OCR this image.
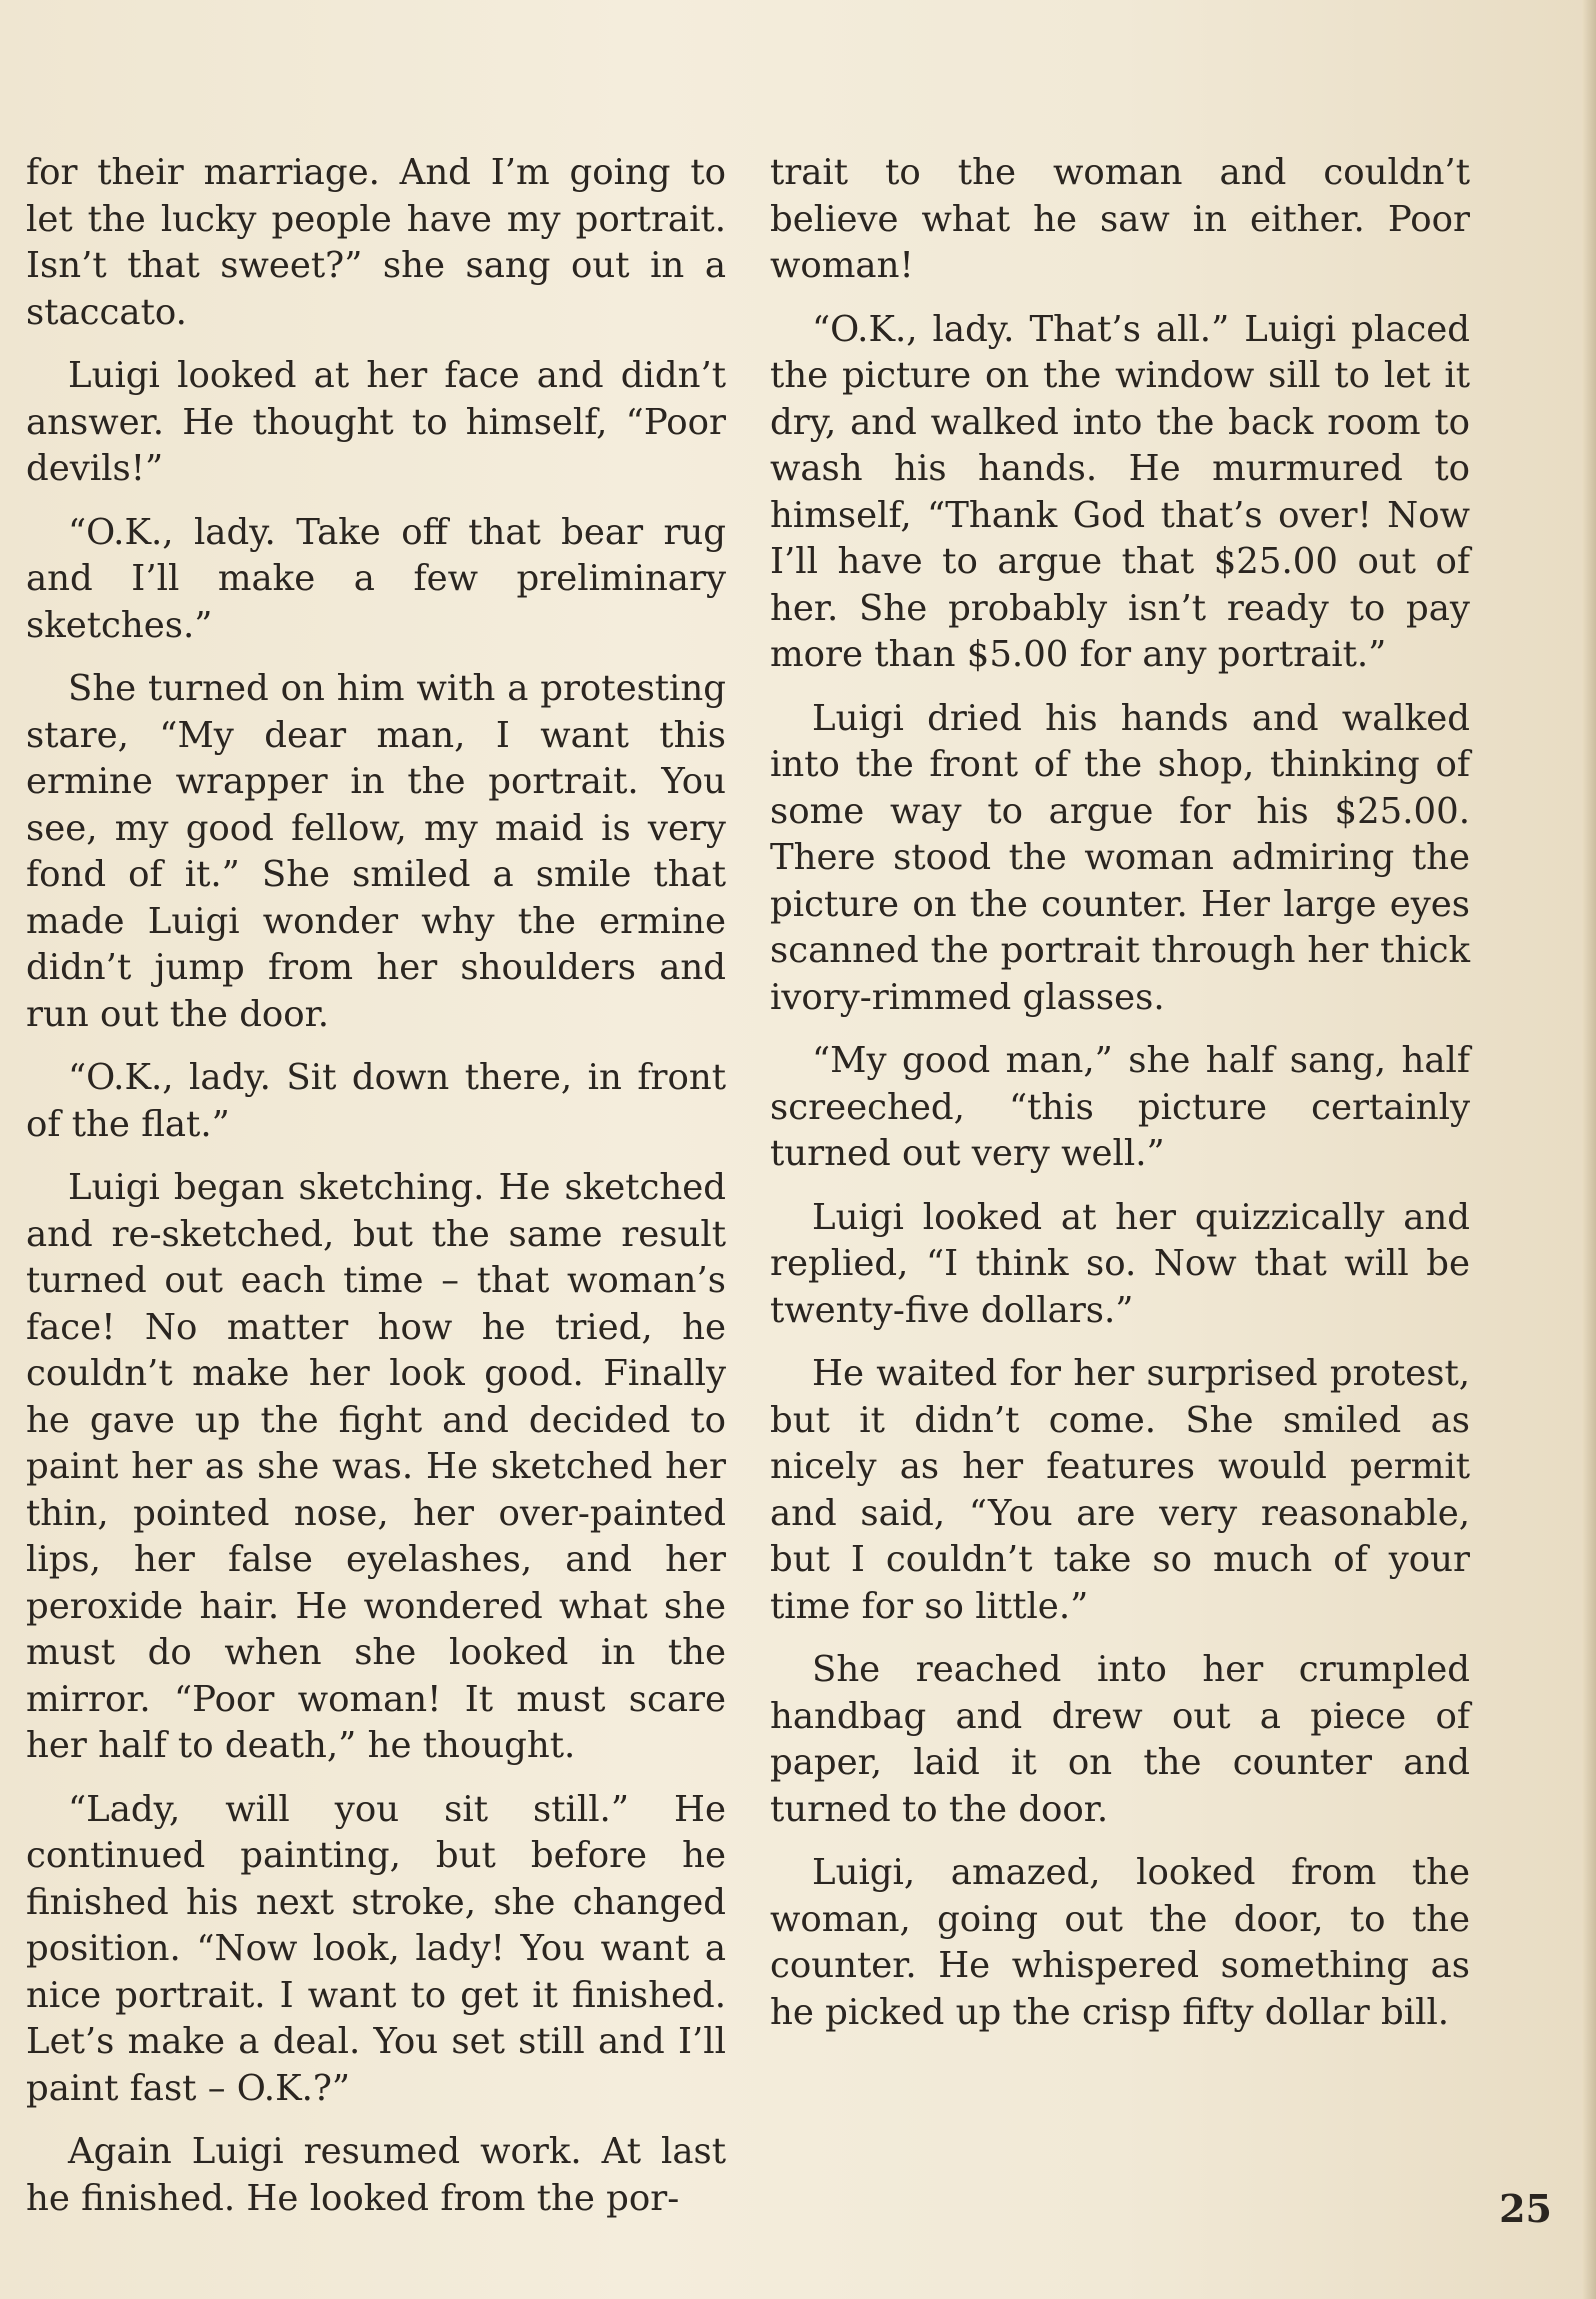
for their marriage. And I’m going to let the lucky people have my portrait. Isn’t that sweet?” she sang out in a staccato.

Luigi looked at her face and didn’t answer. He thought to himself, “Poor devils!”

“O.K., lady. Take off that bear rug and I’ll make a few preliminary sketches.”

She turned on him with a protesting stare, “My dear man, I want this ermine wrapper in the portrait. You see, my good fellow, my maid is very fond of it.” She smiled a smile that made Luigi wonder why the ermine didn’t jump from her shoulders and run out the door.

“O.K., lady. Sit down there, in front of the flat.”

Luigi began sketching. He sketched and re-sketched, but the same result turned out each time – that woman’s face! No matter how he tried, he couldn’t make her look good. Finally he gave up the fight and decided to paint her as she was. He sketched her thin, pointed nose, her over-painted lips, her false eyelashes, and her peroxide hair. He wondered what she must do when she looked in the mirror. “Poor woman! It must scare her half to death,” he thought.

“Lady, will you sit still.” He continued painting, but before he finished his next stroke, she changed position. “Now look, lady! You want a nice portrait. I want to get it finished. Let’s make a deal. You set still and I’ll paint fast – O.K.?”

Again Luigi resumed work. At last he finished. He looked from the por-

trait to the woman and couldn’t believe what he saw in either. Poor woman!

“O.K., lady. That’s all.” Luigi placed the picture on the window sill to let it dry, and walked into the back room to wash his hands. He murmured to himself, “Thank God that’s over! Now I’ll have to argue that $25.00 out of her. She probably isn’t ready to pay more than $5.00 for any portrait.”

Luigi dried his hands and walked into the front of the shop, thinking of some way to argue for his $25.00. There stood the woman admiring the picture on the counter. Her large eyes scanned the portrait through her thick ivory-rimmed glasses.

“My good man,” she half sang, half screeched, “this picture certainly turned out very well.”

Luigi looked at her quizzically and replied, “I think so. Now that will be twenty-five dollars.”

He waited for her surprised protest, but it didn’t come. She smiled as nicely as her features would permit and said, “You are very reasonable, but I couldn’t take so much of your time for so little.”

She reached into her crumpled handbag and drew out a piece of paper, laid it on the counter and turned to the door.

Luigi, amazed, looked from the woman, going out the door, to the counter. He whispered something as he picked up the crisp fifty dollar bill.

25
